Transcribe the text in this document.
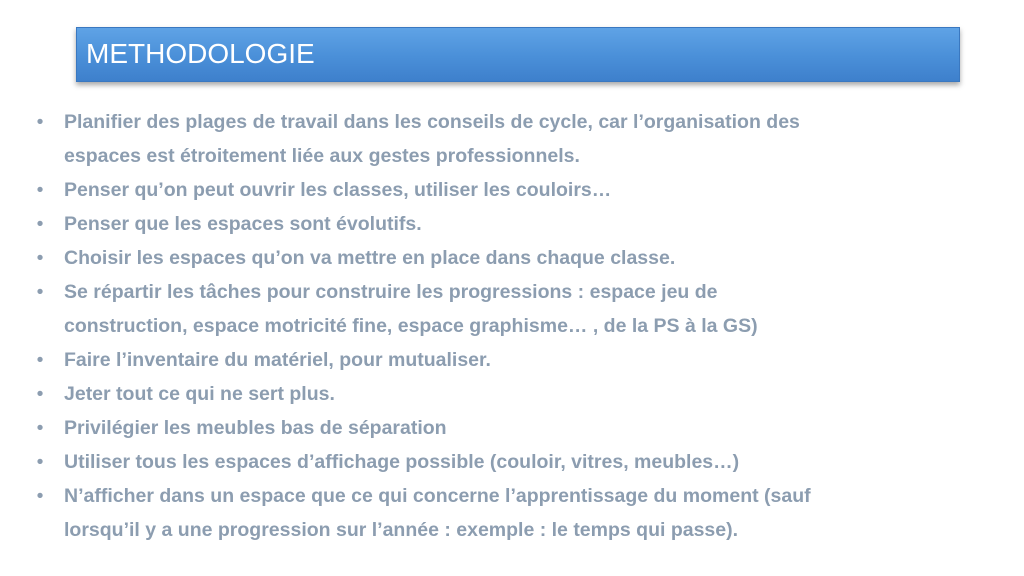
METHODOLOGIE
•	Planifier des plages de travail dans les conseils de cycle, car l’organisation des
espaces est étroitement liée aux gestes professionnels.
•	Penser qu’on peut ouvrir les classes, utiliser les couloirs…
•	Penser que les espaces sont évolutifs.
•	Choisir les espaces qu’on va mettre en place dans chaque classe.
•	Se répartir les tâches pour construire les progressions : espace jeu de
construction, espace motricité fine, espace graphisme… , de la PS à la GS)
•	Faire l’inventaire du matériel, pour mutualiser.
•	Jeter tout ce qui ne sert plus.
•	Privilégier les meubles bas de séparation
•	Utiliser tous les espaces d’affichage possible (couloir, vitres, meubles…)
•	N’afficher dans un espace que ce qui concerne l’apprentissage du moment (sauf
lorsqu’il y a une progression sur l’année : exemple : le temps qui passe).
